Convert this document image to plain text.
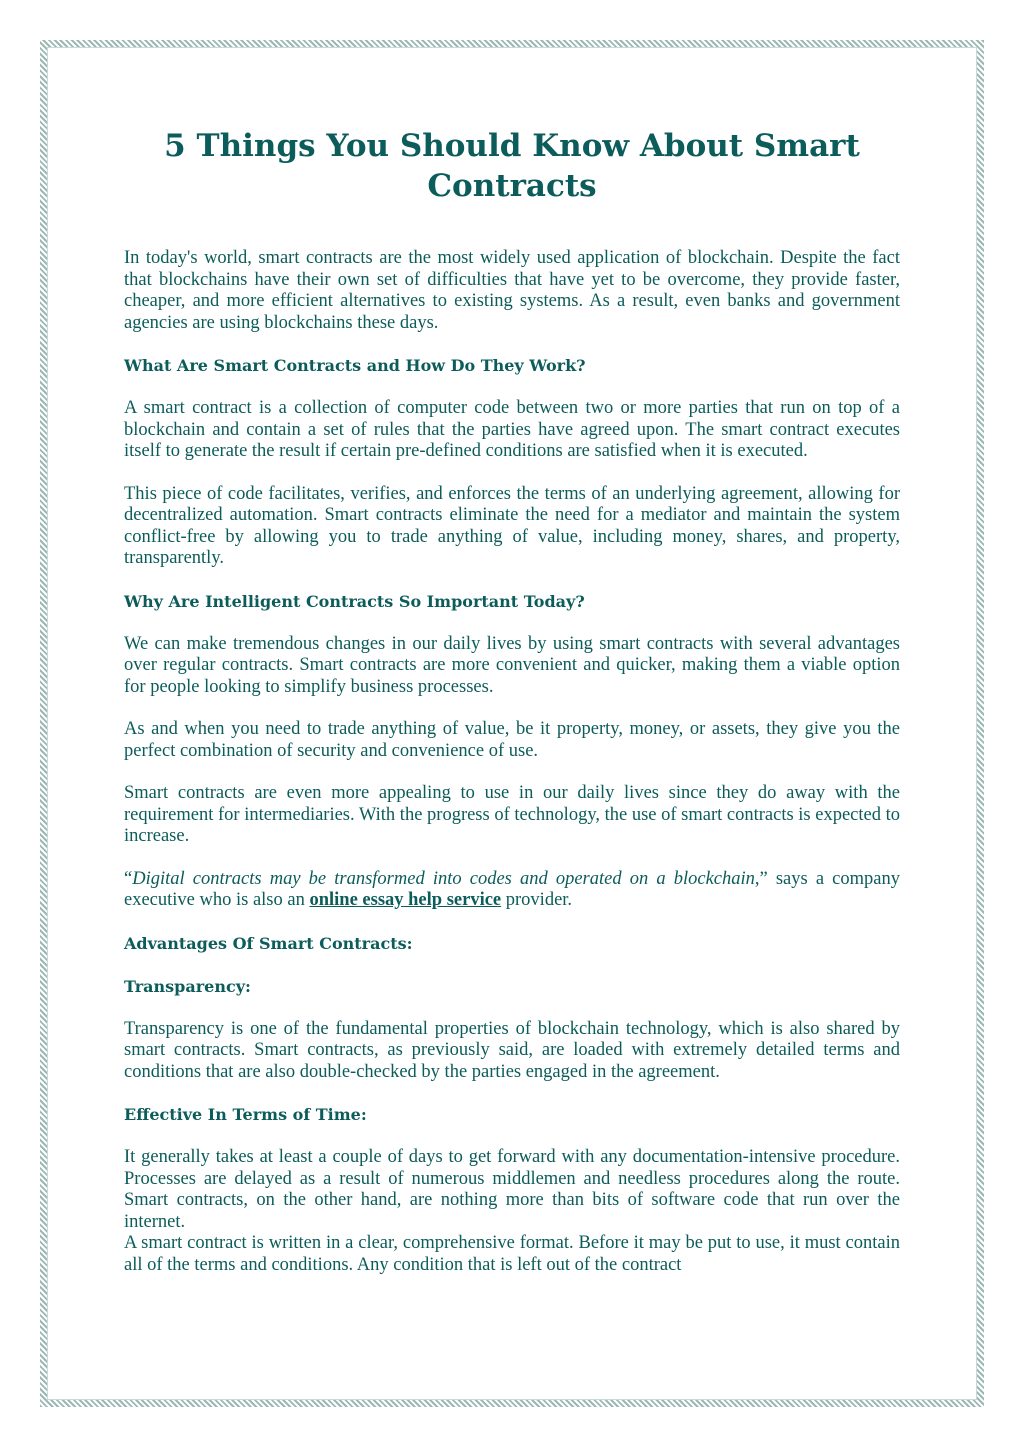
5 Things You Should Know About Smart Contracts

In today's world, smart contracts are the most widely used application of blockchain. Despite the fact that blockchains have their own set of difficulties that have yet to be overcome, they provide faster, cheaper, and more efficient alternatives to existing systems. As a result, even banks and government agencies are using blockchains these days.

What Are Smart Contracts and How Do They Work?

A smart contract is a collection of computer code between two or more parties that run on top of a blockchain and contain a set of rules that the parties have agreed upon. The smart contract executes itself to generate the result if certain pre-defined conditions are satisfied when it is executed.

This piece of code facilitates, verifies, and enforces the terms of an underlying agreement, allowing for decentralized automation. Smart contracts eliminate the need for a mediator and maintain the system conflict-free by allowing you to trade anything of value, including money, shares, and property, transparently.

Why Are Intelligent Contracts So Important Today?

We can make tremendous changes in our daily lives by using smart contracts with several advantages over regular contracts. Smart contracts are more convenient and quicker, making them a viable option for people looking to simplify business processes.

As and when you need to trade anything of value, be it property, money, or assets, they give you the perfect combination of security and convenience of use.

Smart contracts are even more appealing to use in our daily lives since they do away with the requirement for intermediaries. With the progress of technology, the use of smart contracts is expected to increase.

“Digital contracts may be transformed into codes and operated on a blockchain,” says a company executive who is also an online essay help service provider.

Advantages Of Smart Contracts:
Transparency:

Transparency is one of the fundamental properties of blockchain technology, which is also shared by smart contracts. Smart contracts, as previously said, are loaded with extremely detailed terms and conditions that are also double-checked by the parties engaged in the agreement.

Effective In Terms of Time:

It generally takes at least a couple of days to get forward with any documentation-intensive procedure. Processes are delayed as a result of numerous middlemen and needless procedures along the route. Smart contracts, on the other hand, are nothing more than bits of software code that run over the internet.

A smart contract is written in a clear, comprehensive format. Before it may be put to use, it must contain all of the terms and conditions. Any condition that is left out of the contract
